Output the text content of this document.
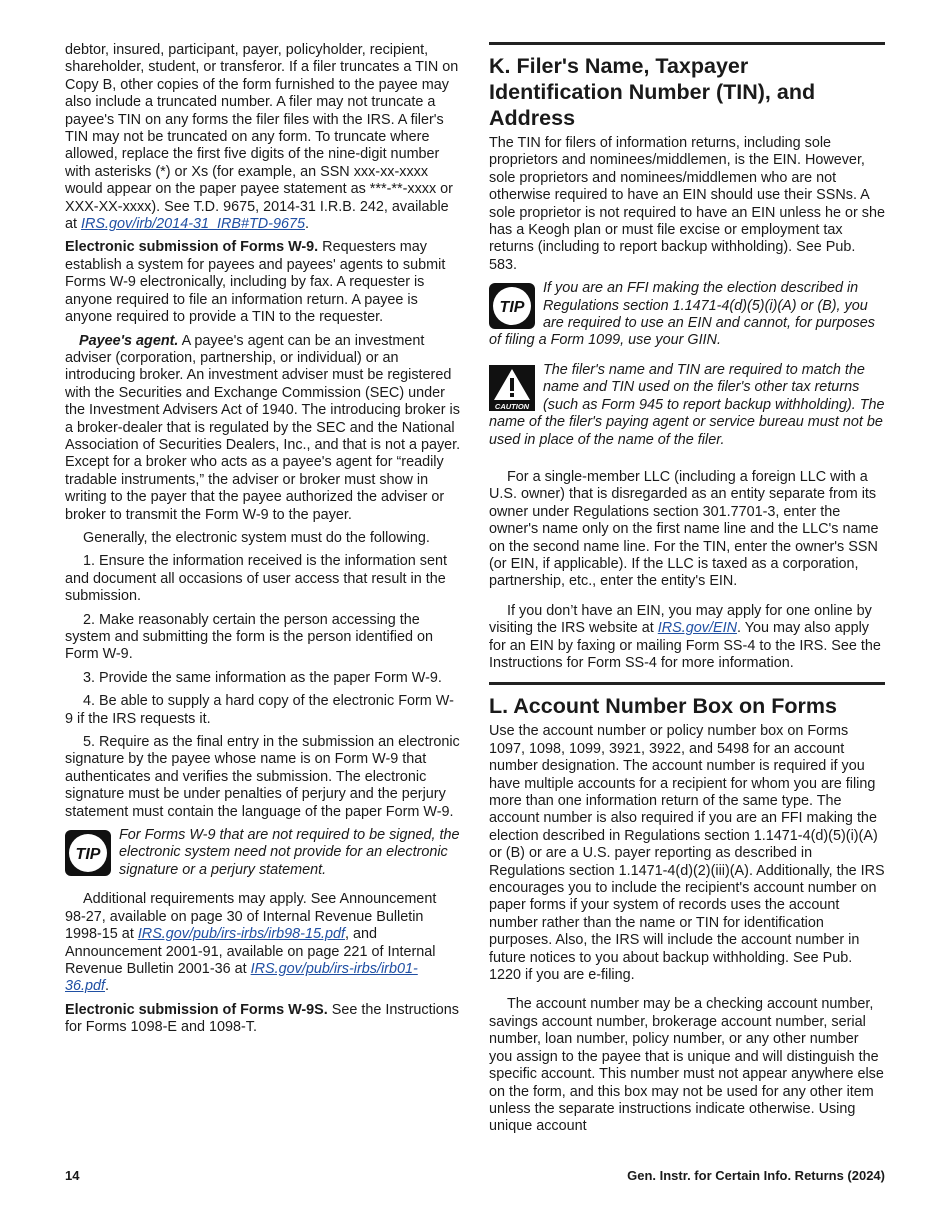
debtor, insured, participant, payer, policyholder, recipient, shareholder, student, or transferor. If a filer truncates a TIN on Copy B, other copies of the form furnished to the payee may also include a truncated number. A filer may not truncate a payee's TIN on any forms the filer files with the IRS. A filer's TIN may not be truncated on any form. To truncate where allowed, replace the first five digits of the nine-digit number with asterisks (*) or Xs (for example, an SSN xxx-xx-xxxx would appear on the paper payee statement as ***-**-xxxx or XXX-XX-xxxx). See T.D. 9675, 2014-31 I.R.B. 242, available at IRS.gov/irb/2014-31_IRB#TD-9675.

Electronic submission of Forms W-9. Requesters may establish a system for payees and payees' agents to submit Forms W-9 electronically, including by fax. A requester is anyone required to file an information return. A payee is anyone required to provide a TIN to the requester.

Payee's agent. A payee's agent can be an investment adviser (corporation, partnership, or individual) or an introducing broker. An investment adviser must be registered with the Securities and Exchange Commission (SEC) under the Investment Advisers Act of 1940. The introducing broker is a broker-dealer that is regulated by the SEC and the National Association of Securities Dealers, Inc., and that is not a payer. Except for a broker who acts as a payee's agent for “readily tradable instruments,” the adviser or broker must show in writing to the payer that the payee authorized the adviser or broker to transmit the Form W-9 to the payer.

Generally, the electronic system must do the following.

1. Ensure the information received is the information sent and document all occasions of user access that result in the submission.

2. Make reasonably certain the person accessing the system and submitting the form is the person identified on Form W-9.

3. Provide the same information as the paper Form W-9.

4. Be able to supply a hard copy of the electronic Form W-9 if the IRS requests it.

5. Require as the final entry in the submission an electronic signature by the payee whose name is on Form W-9 that authenticates and verifies the submission. The electronic signature must be under penalties of perjury and the perjury statement must contain the language of the paper Form W-9.

TIP
For Forms W-9 that are not required to be signed, the electronic system need not provide for an electronic signature or a perjury statement.

Additional requirements may apply. See Announcement 98-27, available on page 30 of Internal Revenue Bulletin 1998-15 at IRS.gov/pub/irs-irbs/irb98-15.pdf, and Announcement 2001-91, available on page 221 of Internal Revenue Bulletin 2001-36 at IRS.gov/pub/irs-irbs/irb01-36.pdf.

Electronic submission of Forms W-9S. See the Instructions for Forms 1098-E and 1098-T.

K. Filer's Name, Taxpayer Identification Number (TIN), and Address

The TIN for filers of information returns, including sole proprietors and nominees/middlemen, is the EIN. However, sole proprietors and nominees/middlemen who are not otherwise required to have an EIN should use their SSNs. A sole proprietor is not required to have an EIN unless he or she has a Keogh plan or must file excise or employment tax returns (including to report backup withholding). See Pub. 583.

TIP
If you are an FFI making the election described in Regulations section 1.1471-4(d)(5)(i)(A) or (B), you are required to use an EIN and cannot, for purposes of filing a Form 1099, use your GIIN.
CAUTION
The filer's name and TIN are required to match the name and TIN used on the filer's other tax returns (such as Form 945 to report backup withholding). The name of the filer's paying agent or service bureau must not be used in place of the name of the filer.

For a single-member LLC (including a foreign LLC with a U.S. owner) that is disregarded as an entity separate from its owner under Regulations section 301.7701-3, enter the owner's name only on the first name line and the LLC's name on the second name line. For the TIN, enter the owner's SSN (or EIN, if applicable). If the LLC is taxed as a corporation, partnership, etc., enter the entity's EIN.

If you don’t have an EIN, you may apply for one online by visiting the IRS website at IRS.gov/EIN. You may also apply for an EIN by faxing or mailing Form SS-4 to the IRS. See the Instructions for Form SS-4 for more information.

L. Account Number Box on Forms

Use the account number or policy number box on Forms 1097, 1098, 1099, 3921, 3922, and 5498 for an account number designation. The account number is required if you have multiple accounts for a recipient for whom you are filing more than one information return of the same type. The account number is also required if you are an FFI making the election described in Regulations section 1.1471-4(d)(5)(i)(A) or (B) or are a U.S. payer reporting as described in Regulations section 1.1471-4(d)(2)(iii)(A). Additionally, the IRS encourages you to include the recipient's account number on paper forms if your system of records uses the account number rather than the name or TIN for identification purposes. Also, the IRS will include the account number in future notices to you about backup withholding. See Pub. 1220 if you are e-filing.

The account number may be a checking account number, savings account number, brokerage account number, serial number, loan number, policy number, or any other number you assign to the payee that is unique and will distinguish the specific account. This number must not appear anywhere else on the form, and this box may not be used for any other item unless the separate instructions indicate otherwise. Using unique account

14	Gen. Instr. for Certain Info. Returns (2024)
